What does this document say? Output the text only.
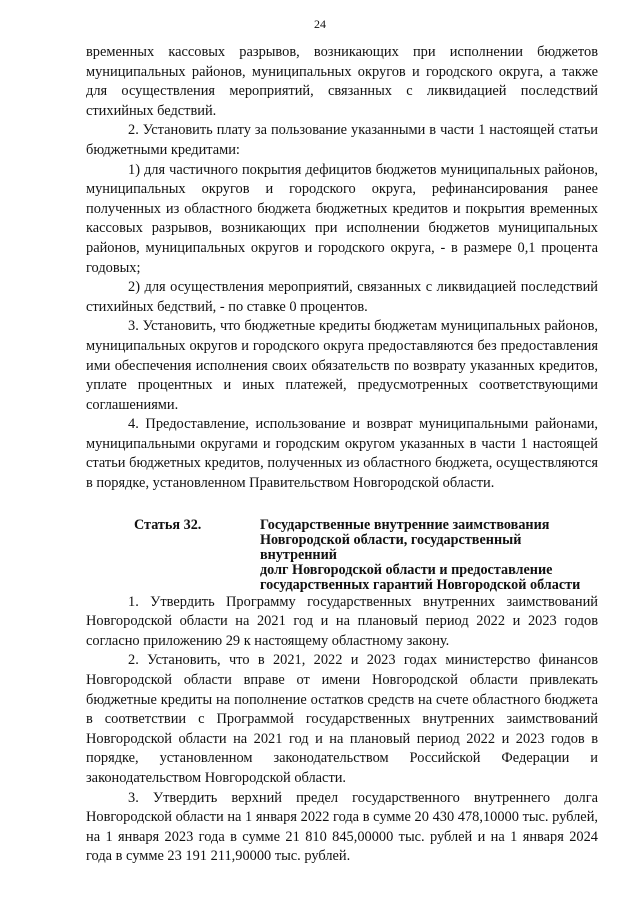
24

временных кассовых разрывов, возникающих при исполнении бюджетов муниципальных районов, муниципальных округов и городского округа, а также для осуществления мероприятий, связанных с ликвидацией последствий стихийных бедствий.

2. Установить плату за пользование указанными в части 1 настоящей статьи бюджетными кредитами:

1) для частичного покрытия дефицитов бюджетов муниципальных районов, муниципальных округов и городского округа, рефинансирования ранее полученных из областного бюджета бюджетных кредитов и покрытия временных кассовых разрывов, возникающих при исполнении бюджетов муниципальных районов, муниципальных округов и городского округа, - в размере 0,1 процента годовых;

2) для осуществления мероприятий, связанных с ликвидацией последствий стихийных бедствий, - по ставке 0 процентов.

3. Установить, что бюджетные кредиты бюджетам муниципальных районов, муниципальных округов и городского округа предоставляются без предоставления ими обеспечения исполнения своих обязательств по возврату указанных кредитов, уплате процентных и иных платежей, предусмотренных соответствующими соглашениями.

4. Предоставление, использование и возврат муниципальными районами, муниципальными округами и городским округом указанных в части 1 настоящей статьи бюджетных кредитов, полученных из областного бюджета, осуществляются в порядке, установленном Правительством Новгородской области.

Статья 32.	Государственные внутренние заимствования
Новгородской области, государственный внутренний
долг Новгородской области и предоставление
государственных гарантий Новгородской области

1. Утвердить Программу государственных внутренних заимствований Новгородской области на 2021 год и на плановый период 2022 и 2023 годов согласно приложению 29 к настоящему областному закону.

2. Установить, что в 2021, 2022 и 2023 годах министерство финансов Новгородской области вправе от имени Новгородской области привлекать бюджетные кредиты на пополнение остатков средств на счете областного бюджета в соответствии с Программой государственных внутренних заимствований Новгородской области на 2021 год и на плановый период 2022 и 2023 годов в порядке, установленном законодательством Российской Федерации и законодательством Новгородской области.

3. Утвердить верхний предел государственного внутреннего долга Новгородской области на 1 января 2022 года в сумме 20 430 478,10000 тыс. рублей, на 1 января 2023 года в сумме 21 810 845,00000 тыс. рублей и на 1 января 2024 года в сумме 23 191 211,90000 тыс. рублей.
